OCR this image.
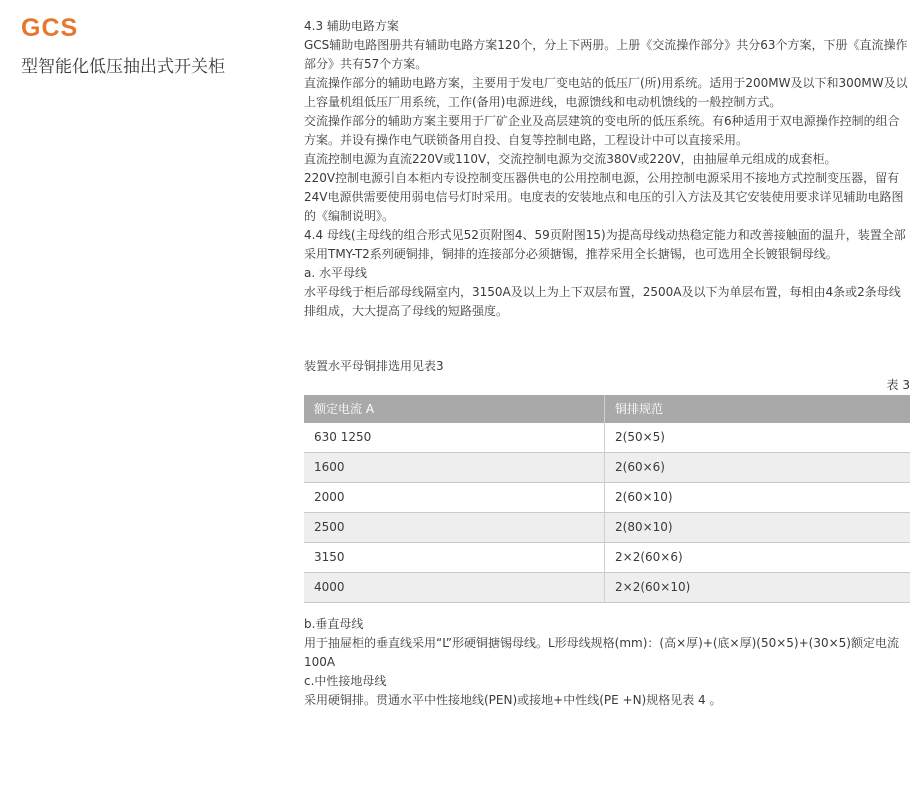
GCS
型智能化低压抽出式开关柜

4.3 辅助电路方案

GCS辅助电路图册共有辅助电路方案120个，分上下两册。上册《交流操作部分》共分63个方案，下册《直流操作部分》共有57个方案。

直流操作部分的辅助电路方案，主要用于发电厂变电站的低压厂(所)用系统。适用于200MW及以下和300MW及以上容量机组低压厂用系统，工作(备用)电源进线，电源馈线和电动机馈线的一般控制方式。

交流操作部分的辅助方案主要用于厂矿企业及高层建筑的变电所的低压系统。有6种适用于双电源操作控制的组合方案。并设有操作电气联锁备用自投、自复等控制电路，工程设计中可以直接采用。

直流控制电源为直流220V或110V，交流控制电源为交流380V或220V，由抽屉单元组成的成套柜。

220V控制电源引自本柜内专设控制变压器供电的公用控制电源，公用控制电源采用不接地方式控制变压器，留有24V电源供需要使用弱电信号灯时采用。电度表的安装地点和电压的引入方法及其它安装使用要求详见辅助电路图的《编制说明》。

4.4 母线(主母线的组合形式见52页附图4、59页附图15)为提高母线动热稳定能力和改善接触面的温升，装置全部采用TMY-T2系列硬铜排，铜排的连接部分必须搪锡，推荐采用全长搪锡，也可选用全长镀银铜母线。

a. 水平母线

水平母线于柜后部母线隔室内，3150A及以上为上下双层布置，2500A及以下为单层布置，每相由4条或2条母线排组成，大大提高了母线的短路强度。

装置水平母铜排选用见表3

表 3

额定电流 A	铜排规范
630 1250	2(50×5)
1600	2(60×6)
2000	2(60×10)
2500	2(80×10)
3150	2×2(60×6)
4000	2×2(60×10)

b.垂直母线

用于抽屉柜的垂直线采用“L”形硬铜搪锡母线。L形母线规格(mm)：(高×厚)+(底×厚)(50×5)+(30×5)额定电流100A

c.中性接地母线

采用硬铜排。贯通水平中性接地线(PEN)或接地+中性线(PE +N)规格见表 4 。
